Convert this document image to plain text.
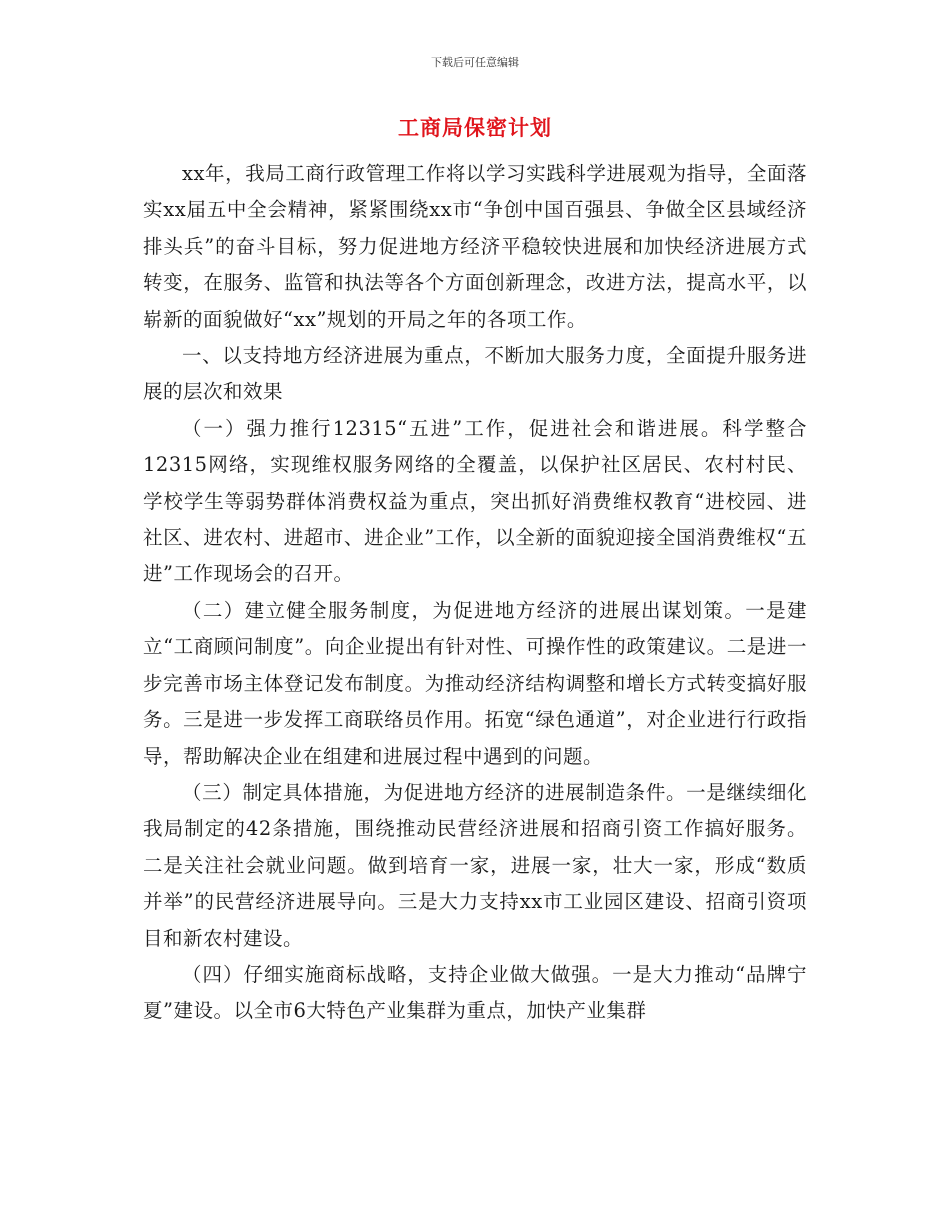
下载后可任意编辑
工商局保密计划

xx年，我局工商行政管理工作将以学习实践科学进展观为指导，全面落实xx届五中全会精神，紧紧围绕xx市“争创中国百强县、争做全区县域经济排头兵”的奋斗目标，努力促进地方经济平稳较快进展和加快经济进展方式转变，在服务、监管和执法等各个方面创新理念，改进方法，提高水平，以崭新的面貌做好“xx”规划的开局之年的各项工作。

一、以支持地方经济进展为重点，不断加大服务力度，全面提升服务进展的层次和效果

（一）强力推行12315“五进”工作，促进社会和谐进展。科学整合12315网络，实现维权服务网络的全覆盖，以保护社区居民、农村村民、学校学生等弱势群体消费权益为重点，突出抓好消费维权教育“进校园、进社区、进农村、进超市、进企业”工作，以全新的面貌迎接全国消费维权“五进”工作现场会的召开。

（二）建立健全服务制度，为促进地方经济的进展出谋划策。一是建立“工商顾问制度”。向企业提出有针对性、可操作性的政策建议。二是进一步完善市场主体登记发布制度。为推动经济结构调整和增长方式转变搞好服务。三是进一步发挥工商联络员作用。拓宽“绿色通道”，对企业进行行政指导，帮助解决企业在组建和进展过程中遇到的问题。

（三）制定具体措施，为促进地方经济的进展制造条件。一是继续细化我局制定的42条措施，围绕推动民营经济进展和招商引资工作搞好服务。二是关注社会就业问题。做到培育一家，进展一家，壮大一家，形成“数质并举”的民营经济进展导向。三是大力支持xx市工业园区建设、招商引资项目和新农村建设。

（四）仔细实施商标战略，支持企业做大做强。一是大力推动“品牌宁夏”建设。以全市6大特色产业集群为重点，加快产业集群
